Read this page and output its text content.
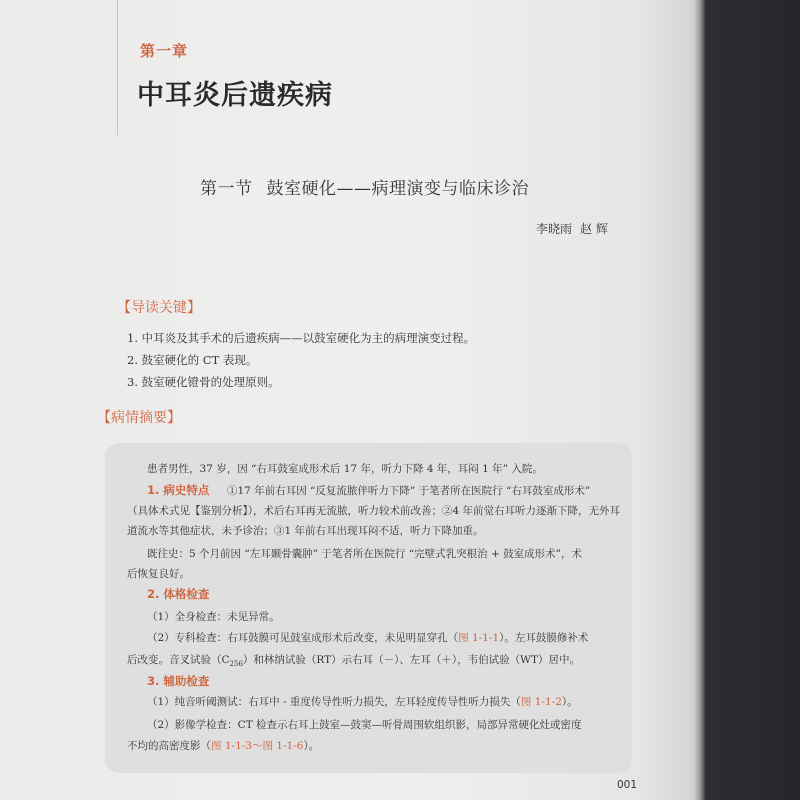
第一章
中耳炎后遗疾病
第一节 鼓室硬化——病理演变与临床诊治
李晓雨 赵 辉
【导读关键】
1. 中耳炎及其手术的后遗疾病——以鼓室硬化为主的病理演变过程。
2. 鼓室硬化的 CT 表现。
3. 鼓室硬化镫骨的处理原则。
【病情摘要】
患者男性，37 岁，因 “右耳鼓室成形术后 17 年，听力下降 4 年，耳闷 1 年” 入院。
1. 病史特点 ①17 年前右耳因 “反复流脓伴听力下降” 于笔者所在医院行 “右耳鼓室成形术”
（具体术式见【鉴别分析】），术后右耳再无流脓，听力较术前改善；②4 年前觉右耳听力逐渐下降，无外耳
道流水等其他症状，未予诊治；③1 年前右耳出现耳闷不适，听力下降加重。
既往史：5 个月前因 “左耳颞骨囊肿” 于笔者所在医院行 “完壁式乳突根治 + 鼓室成形术”，术
后恢复良好。
2. 体格检查
（1）全身检查：未见异常。
（2）专科检查：右耳鼓膜可见鼓室成形术后改变，未见明显穿孔（图 1-1-1）。左耳鼓膜修补术
后改变。音叉试验$(C_{256})$和林纳试验（RT）示右耳（－）、左耳（＋），韦伯试验（WT）居中。
3. 辅助检查
（1）纯音听阈测试：右耳中 - 重度传导性听力损失，左耳轻度传导性听力损失（图 1-1-2）。
（2）影像学检查：CT 检查示右耳上鼓室—鼓窦—听骨周围软组织影，局部异常硬化灶或密度
不均的高密度影（图 1-1-3～图 1-1-6）。
001
